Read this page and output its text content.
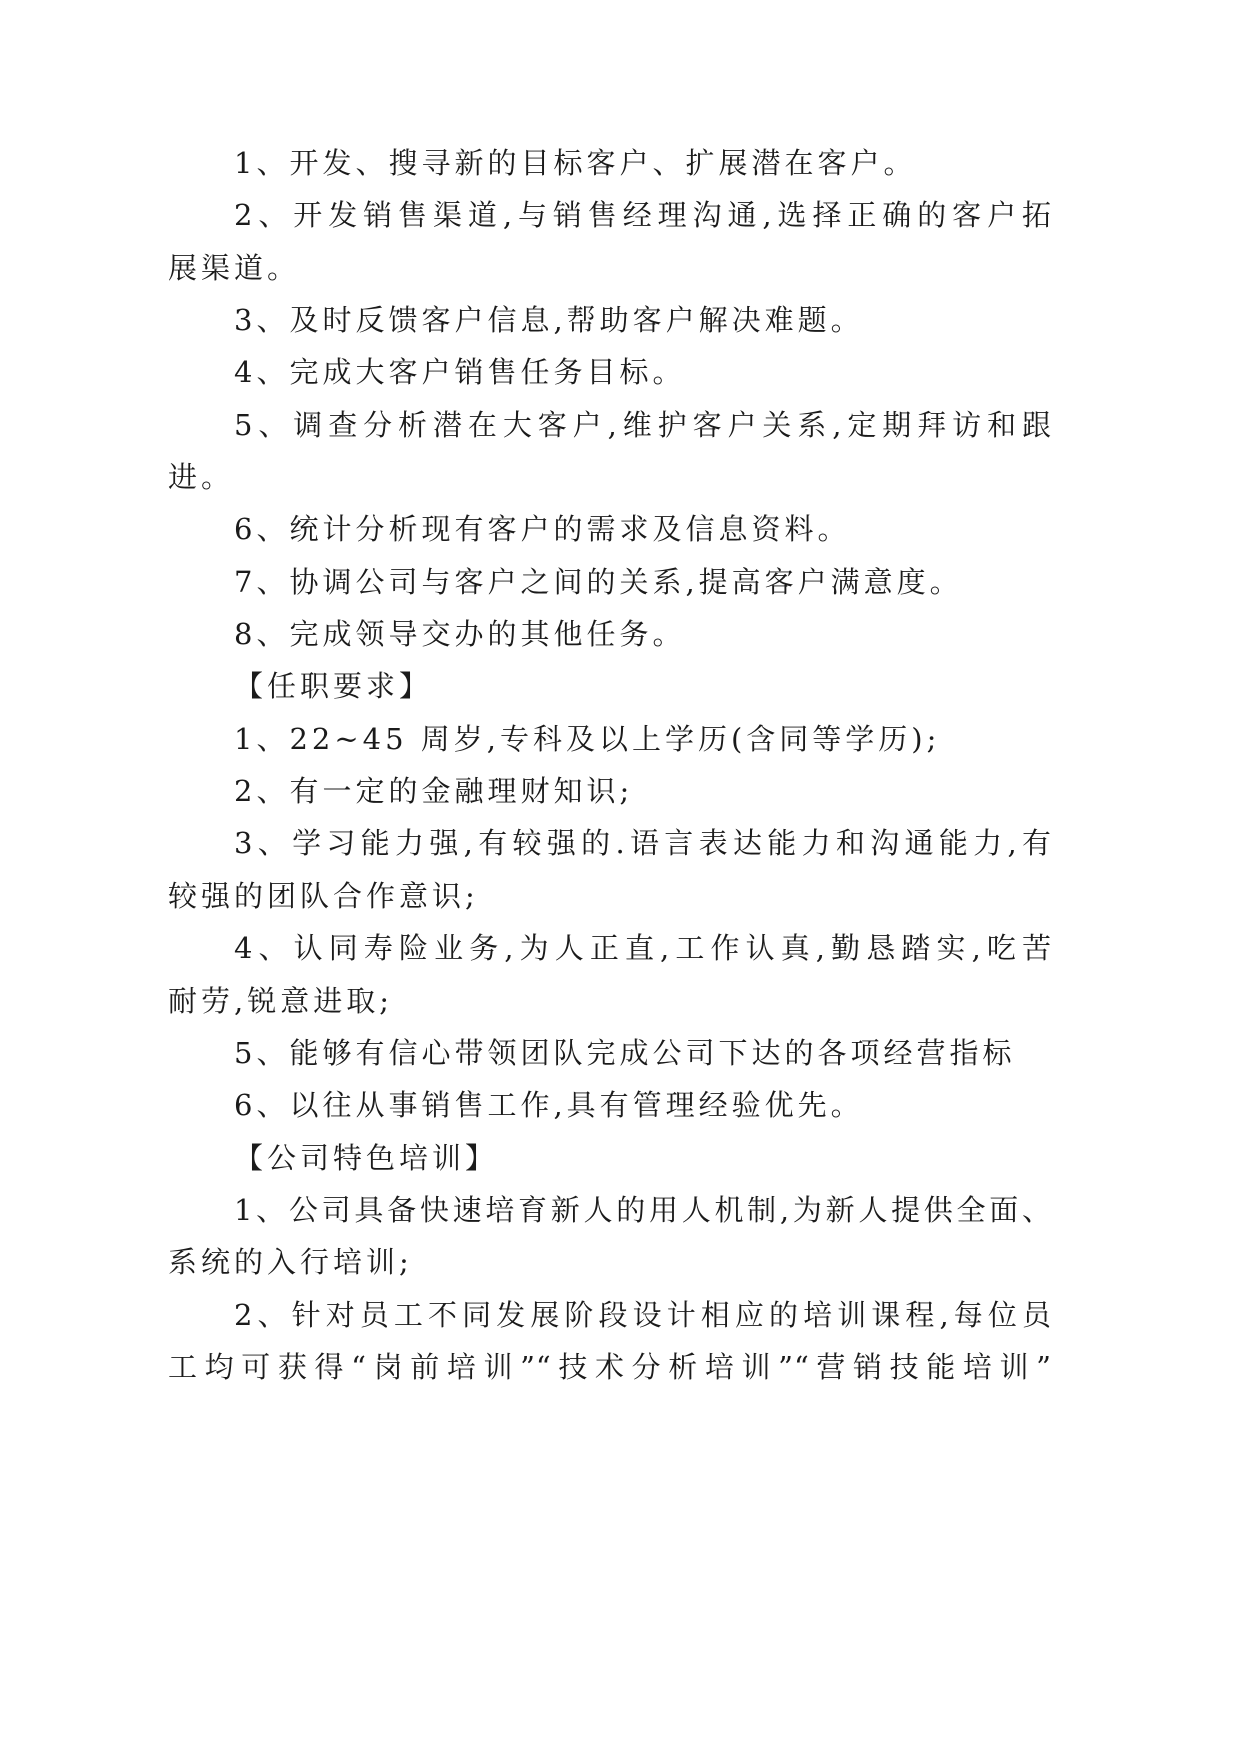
1、开发、搜寻新的目标客户、扩展潜在客户。
2、开发销售渠道,与销售经理沟通,选择正确的客户拓
展渠道。
3、及时反馈客户信息,帮助客户解决难题。
4、完成大客户销售任务目标。
5、调查分析潜在大客户,维护客户关系,定期拜访和跟
进。
6、统计分析现有客户的需求及信息资料。
7、协调公司与客户之间的关系,提高客户满意度。
8、完成领导交办的其他任务。
【任职要求】
1、22~45 周岁,专科及以上学历(含同等学历);
2、有一定的金融理财知识;
3、学习能力强,有较强的.语言表达能力和沟通能力,有
较强的团队合作意识;
4、认同寿险业务,为人正直,工作认真,勤恳踏实,吃苦
耐劳,锐意进取;
5、能够有信心带领团队完成公司下达的各项经营指标
6、以往从事销售工作,具有管理经验优先。
【公司特色培训】
1、公司具备快速培育新人的用人机制,为新人提供全面、
系统的入行培训;
2、针对员工不同发展阶段设计相应的培训课程,每位员
工均可获得“岗前培训”“技术分析培训”“营销技能培训”
